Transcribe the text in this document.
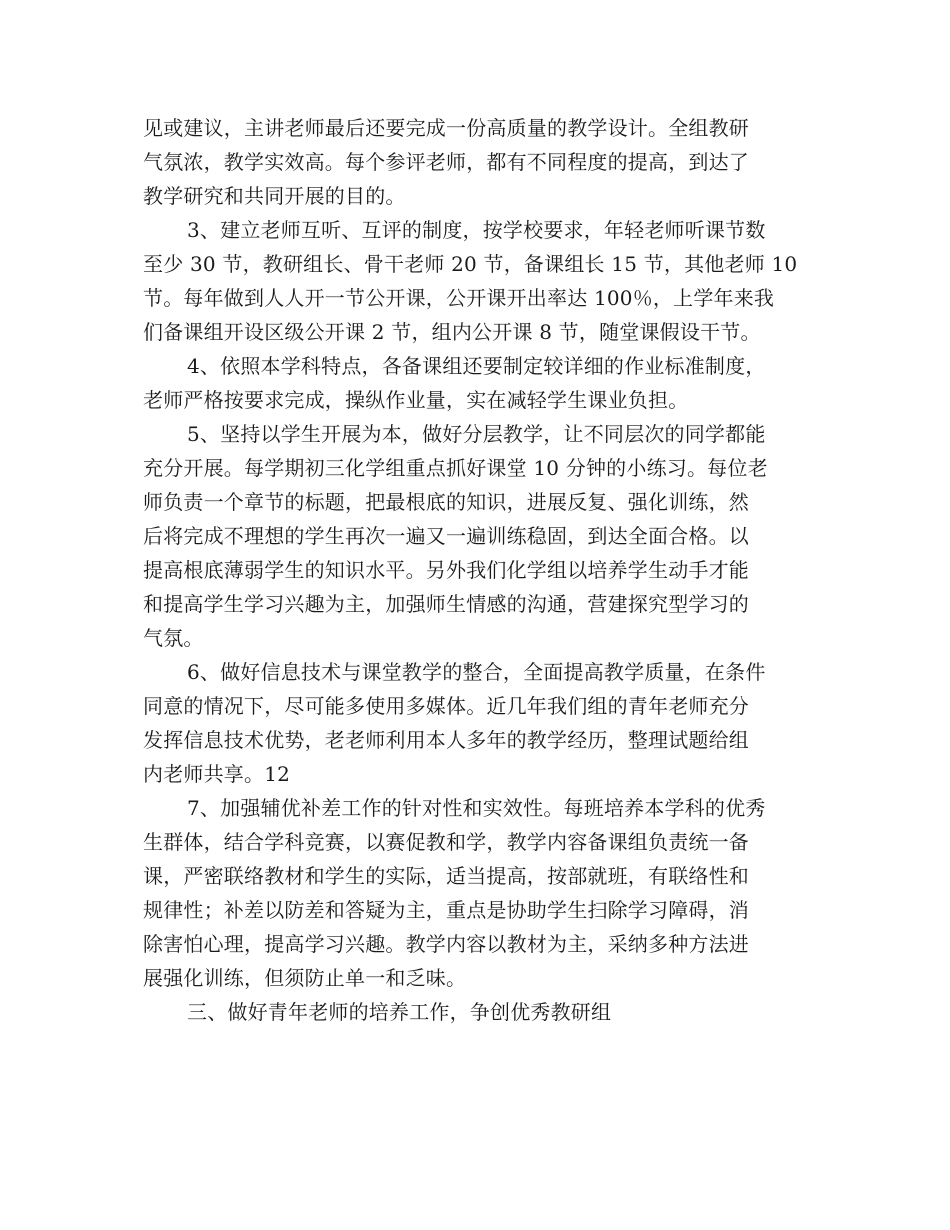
见或建议，主讲老师最后还要完成一份高质量的教学设计。全组教研
气氛浓，教学实效高。每个参评老师，都有不同程度的提高，到达了
教学研究和共同开展的目的。
3、建立老师互听、互评的制度，按学校要求，年轻老师听课节数
至少 30 节，教研组长、骨干老师 20 节，备课组长 15 节，其他老师 10
节。每年做到人人开一节公开课，公开课开出率达 100％，上学年来我
们备课组开设区级公开课 2 节，组内公开课 8 节，随堂课假设干节。
4、依照本学科特点，各备课组还要制定较详细的作业标准制度，
老师严格按要求完成，操纵作业量，实在减轻学生课业负担。
5、坚持以学生开展为本，做好分层教学，让不同层次的同学都能
充分开展。每学期初三化学组重点抓好课堂 10 分钟的小练习。每位老
师负责一个章节的标题，把最根底的知识，进展反复、强化训练，然
后将完成不理想的学生再次一遍又一遍训练稳固，到达全面合格。以
提高根底薄弱学生的知识水平。另外我们化学组以培养学生动手才能
和提高学生学习兴趣为主，加强师生情感的沟通，营建探究型学习的
气氛。
6、做好信息技术与课堂教学的整合，全面提高教学质量，在条件
同意的情况下，尽可能多使用多媒体。近几年我们组的青年老师充分
发挥信息技术优势，老老师利用本人多年的教学经历，整理试题给组
内老师共享。12
7、加强辅优补差工作的针对性和实效性。每班培养本学科的优秀
生群体，结合学科竞赛，以赛促教和学，教学内容备课组负责统一备
课，严密联络教材和学生的实际，适当提高，按部就班，有联络性和
规律性；补差以防差和答疑为主，重点是协助学生扫除学习障碍，消
除害怕心理，提高学习兴趣。教学内容以教材为主，采纳多种方法进
展强化训练，但须防止单一和乏味。
三、做好青年老师的培养工作，争创优秀教研组
